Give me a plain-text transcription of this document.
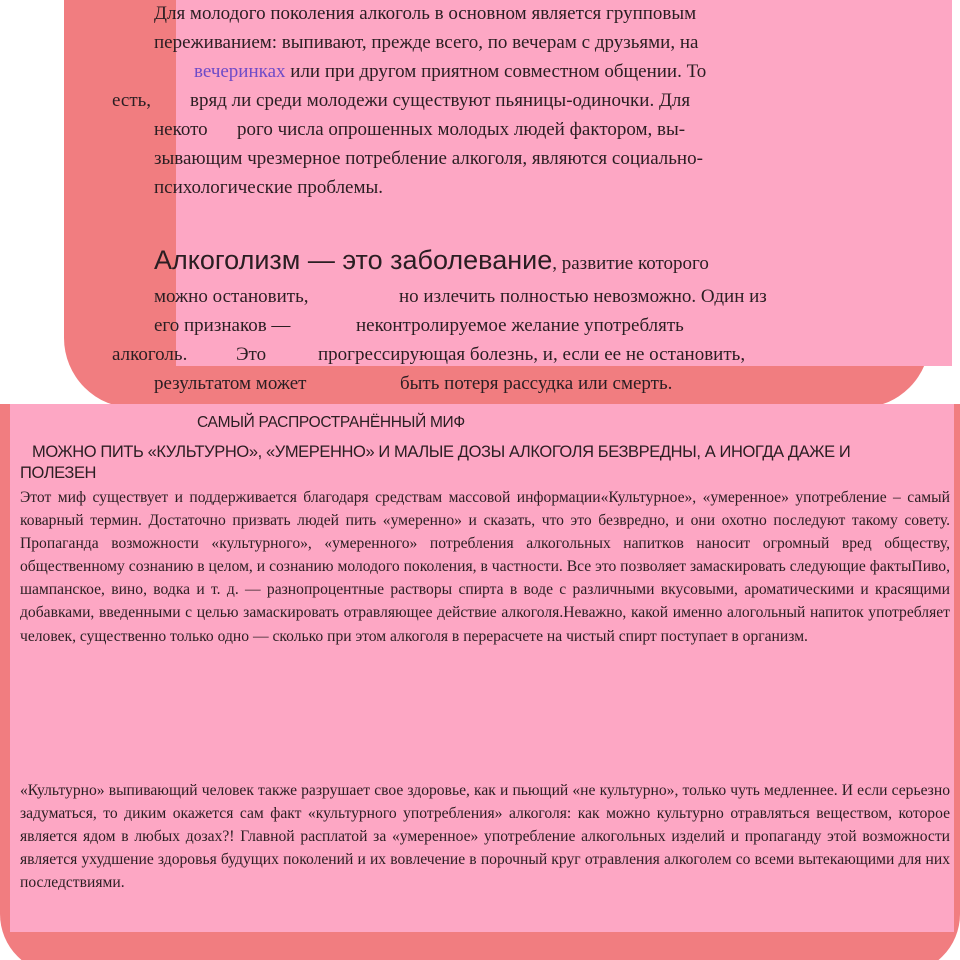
Для молодого поколения алкоголь в основном является групповым
переживанием: выпивают, прежде всего, по вечерам с друзьями, на
вечеринках или при другом приятном совместном общении. То
есть, вряд ли среди молодежи существуют пьяницы-одиночки. Для
некото рого числа опрошенных молодых людей фактором, вы-
зывающим чрезмерное потребление алкоголя, являются социально-
психологические проблемы.
Алкоголизм — это заболевание, развитие которого
можно остановить,	но излечить полностью невозможно. Один из
его признаков —	неконтролируемое желание употреблять
алкоголь.	Это	прогрессирующая болезнь, и, если ее не остановить,
результатом может	быть потеря рассудка или смерть.
САМЫЙ РАСПРОСТРАНЁННЫЙ МИФ
МОЖНО ПИТЬ «КУЛЬТУРНО», «УМЕРЕННО» И МАЛЫЕ ДОЗЫ АЛКОГОЛЯ БЕЗВРЕДНЫ, А ИНОГДА ДАЖЕ И ПОЛЕЗЕН
Этот миф существует и поддерживается благодаря средствам массовой информации«Культурное», «умеренное» употребление – самый коварный термин. Достаточно призвать людей пить «умеренно» и сказать, что это безвредно, и они охотно последуют такому совету. Пропаганда возможности «культурного», «умеренного» потребления алкогольных напитков наносит огромный вред обществу, общественному сознанию в целом, и сознанию молодого поколения, в частности. Все это позволяет замаскировать следующие фактыПиво, шампанское, вино, водка и т. д. — разнопроцентные растворы спирта в воде с различными вкусовыми, ароматическими и красящими добавками, введенными с целью замаскировать отравляющее действие алкоголя.Неважно, какой именно алогольный напиток употребляет человек, существенно только одно — сколько при этом алкоголя в перерасчете на чистый спирт поступает в организм.
«Культурно» выпивающий человек также разрушает свое здоровье, как и пьющий «не культурно», только чуть медленнее. И если серьезно задуматься, то диким окажется сам факт «культурного употребления» алкоголя: как можно культурно отравляться веществом, которое является ядом в любых дозах?! Главной расплатой за «умеренное» употребление алкогольных изделий и пропаганду этой возможности является ухудшение здоровья будущих поколений и их вовлечение в порочный круг отравления алкоголем со всеми вытекающими для них последствиями.
